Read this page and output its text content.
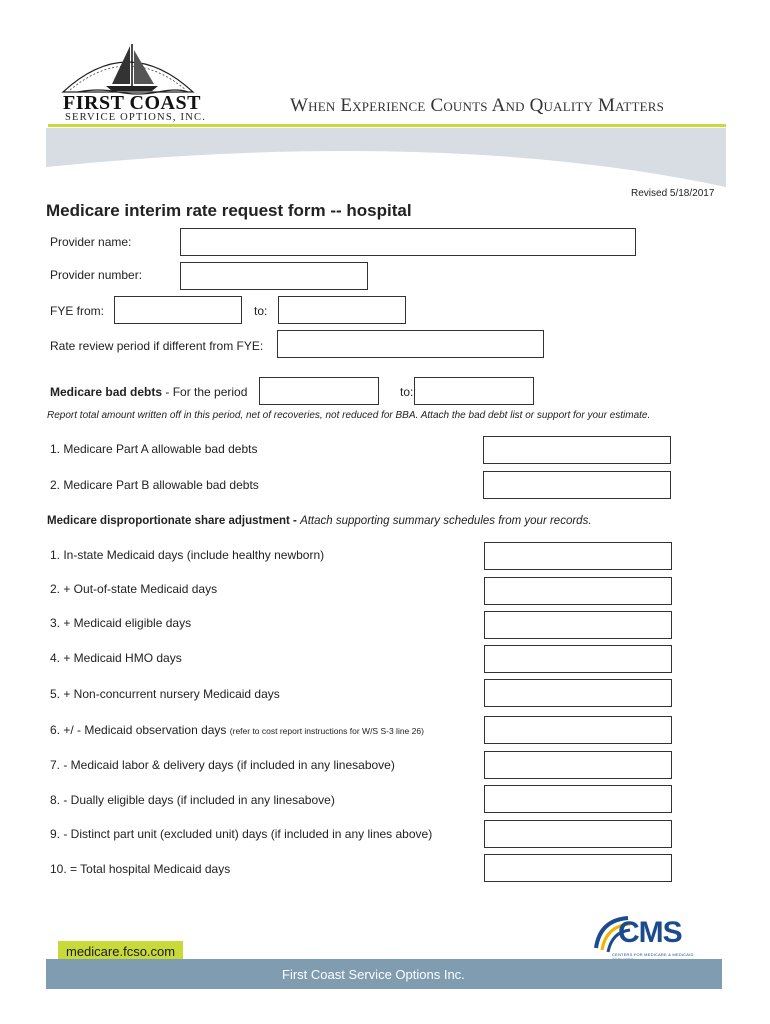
FIRST COAST
SERVICE OPTIONS, INC.
When Experience Counts And Quality Matters
Revised 5/18/2017
Medicare interim rate request form -- hospital
Provider name:
Provider number:
FYE from:	to:
Rate review period if different from FYE:
Medicare bad debts - For the period	to:
Report total amount written off in this period, net of recoveries, not reduced for BBA. Attach the bad debt list or support for your estimate.
1. Medicare Part A allowable bad debts
2. Medicare Part B allowable bad debts
Medicare disproportionate share adjustment - Attach supporting summary schedules from your records.
1. In-state Medicaid days (include healthy newborn)
2. + Out-of-state Medicaid days
3. + Medicaid eligible days
4. + Medicaid HMO days
5. + Non-concurrent nursery Medicaid days
6. +/ - Medicaid observation days (refer to cost report instructions for W/S S-3 line 26)
7. - Medicaid labor & delivery days (if included in any linesabove)
8. - Dually eligible days (if included in any linesabove)
9. - Distinct part unit (excluded unit) days (if included in any lines above)
10. = Total hospital Medicaid days
CMS
CENTERS FOR MEDICARE & MEDICAID
medicare.fcso.com
First Coast Service Options Inc.
